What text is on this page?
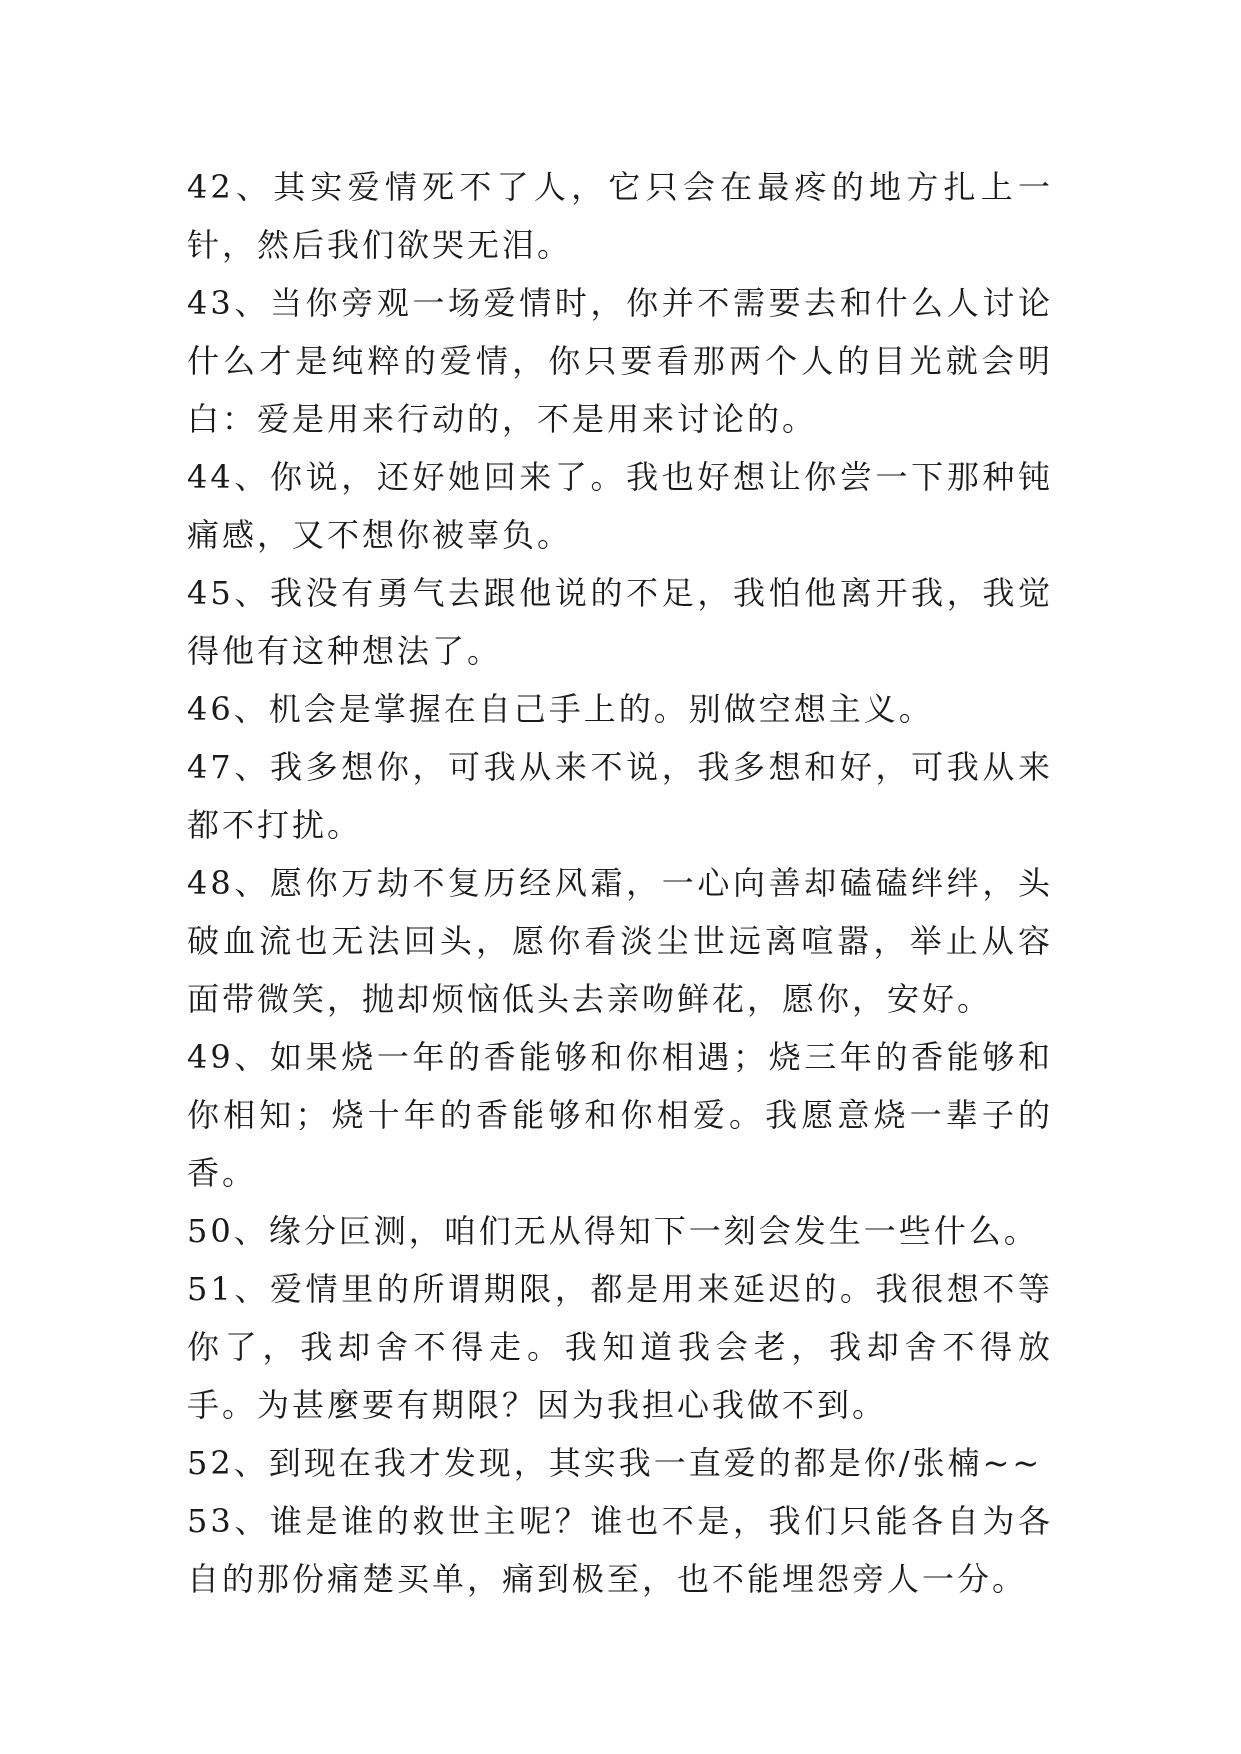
42、其实爱情死不了人，它只会在最疼的地方扎上一针，然后我们欲哭无泪。

43、当你旁观一场爱情时，你并不需要去和什么人讨论什么才是纯粹的爱情，你只要看那两个人的目光就会明白：爱是用来行动的，不是用来讨论的。

44、你说，还好她回来了。我也好想让你尝一下那种钝痛感，又不想你被辜负。

45、我没有勇气去跟他说的不足，我怕他离开我，我觉得他有这种想法了。

46、机会是掌握在自己手上的。别做空想主义。

47、我多想你，可我从来不说，我多想和好，可我从来都不打扰。

48、愿你万劫不复历经风霜，一心向善却磕磕绊绊，头破血流也无法回头，愿你看淡尘世远离喧嚣，举止从容面带微笑，抛却烦恼低头去亲吻鲜花，愿你，安好。

49、如果烧一年的香能够和你相遇；烧三年的香能够和你相知；烧十年的香能够和你相爱。我愿意烧一辈子的香。

50、缘分叵测，咱们无从得知下一刻会发生一些什么。

51、爱情里的所谓期限，都是用来延迟的。我很想不等你了，我却舍不得走。我知道我会老，我却舍不得放手。为甚麼要有期限？因为我担心我做不到。

52、到现在我才发现，其实我一直爱的都是你/张楠~~

53、谁是谁的救世主呢？谁也不是，我们只能各自为各自的那份痛楚买单，痛到极至，也不能埋怨旁人一分。
